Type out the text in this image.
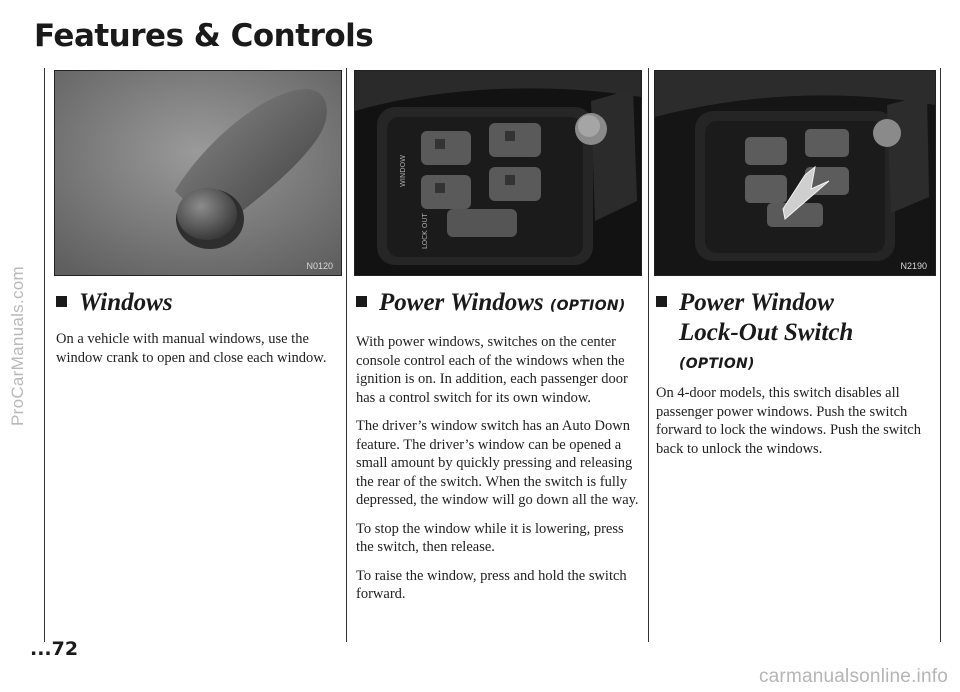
ProCarManuals.com
carmanualsonline.info
Features & Controls
N0120
WINDOW
LOCK OUT
N2190
Windows

On a vehicle with manual windows, use the window crank to open and close each window.

Power Windows (OPTION)

With power windows, switches on the center console control each of the windows when the ignition is on. In addition, each passenger door has a control switch for its own window.

The driver’s window switch has an Auto Down feature. The driver’s window can be opened a small amount by quickly pressing and releasing the rear of the switch. When the switch is fully depressed, the window will go down all the way.

To stop the window while it is lowering, press the switch, then release.

To raise the window, press and hold the switch forward.

Power Window
Lock-Out Switch
(OPTION)

On 4-door models, this switch disables all passenger power windows. Push the switch forward to lock the windows. Push the switch back to unlock the windows.

...72
